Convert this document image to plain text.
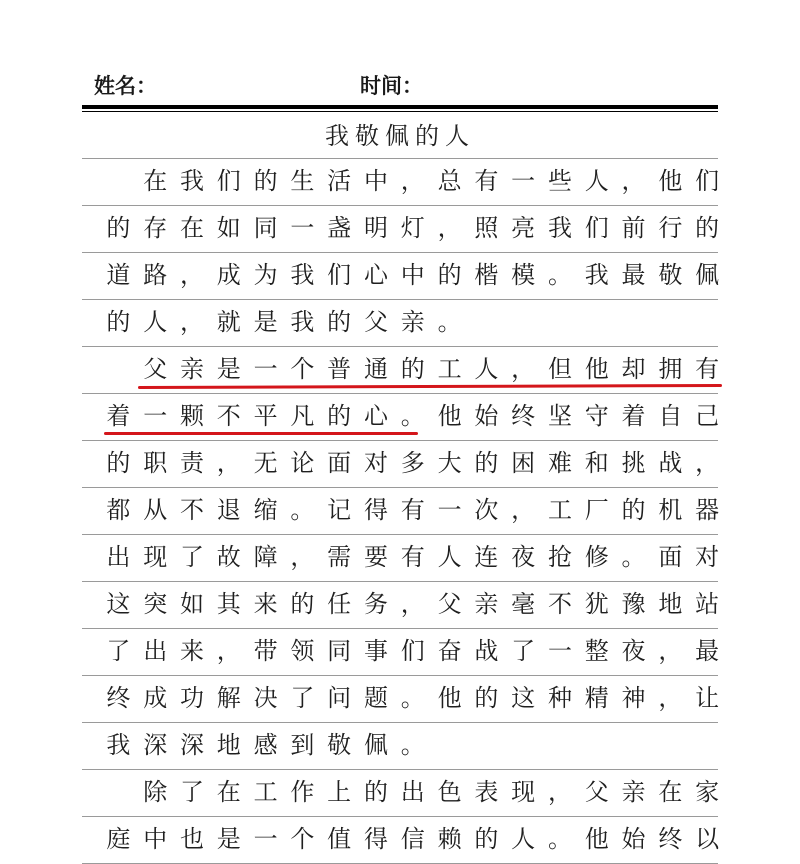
姓名：	时间：
我敬佩的人
　在 我 们 的 生 活 中 ， 总 有 一 些 人 ， 他 们
的 存 在 如 同 一 盏 明 灯 ， 照 亮 我 们 前 行 的
道 路 ， 成 为 我 们 心 中 的 楷 模 。 我 最 敬 佩
的 人 ， 就 是 我 的 父 亲 。
　父 亲 是 一 个 普 通 的 工 人 ， 但 他 却 拥 有
着 一 颗 不 平 凡 的 心 。 他 始 终 坚 守 着 自 己
的 职 责 ， 无 论 面 对 多 大 的 困 难 和 挑 战 ，
都 从 不 退 缩 。 记 得 有 一 次 ， 工 厂 的 机 器
出 现 了 故 障 ， 需 要 有 人 连 夜 抢 修 。 面 对
这 突 如 其 来 的 任 务 ， 父 亲 毫 不 犹 豫 地 站
了 出 来 ， 带 领 同 事 们 奋 战 了 一 整 夜 ， 最
终 成 功 解 决 了 问 题 。 他 的 这 种 精 神 ， 让
我 深 深 地 感 到 敬 佩 。
　除 了 在 工 作 上 的 出 色 表 现 ， 父 亲 在 家
庭 中 也 是 一 个 值 得 信 赖 的 人 。 他 始 终 以
